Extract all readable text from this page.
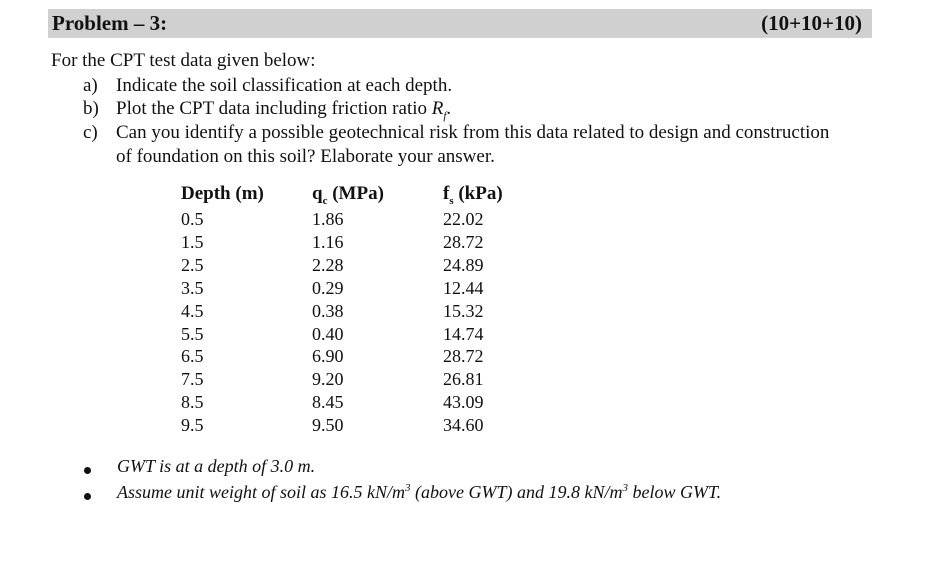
Problem – 3:	(10+10+10)
For the CPT test data given below:
a) Indicate the soil classification at each depth.
b) Plot the CPT data including friction ratio $R_f$.
c) Can you identify a possible geotechnical risk from this data related to design and construction
of foundation on this soil? Elaborate your answer.
Depth (m)	$q_c$ (MPa)	$f_s$ (kPa)
0.5	1.86	22.02
1.5	1.16	28.72
2.5	2.28	24.89
3.5	0.29	12.44
4.5	0.38	15.32
5.5	0.40	14.74
6.5	6.90	28.72
7.5	9.20	26.81
8.5	8.45	43.09
9.5	9.50	34.60
GWT is at a depth of 3.0 m.
Assume unit weight of soil as 16.5 $kN/m^3$ (above GWT) and 19.8 $kN/m^3$ below GWT.
